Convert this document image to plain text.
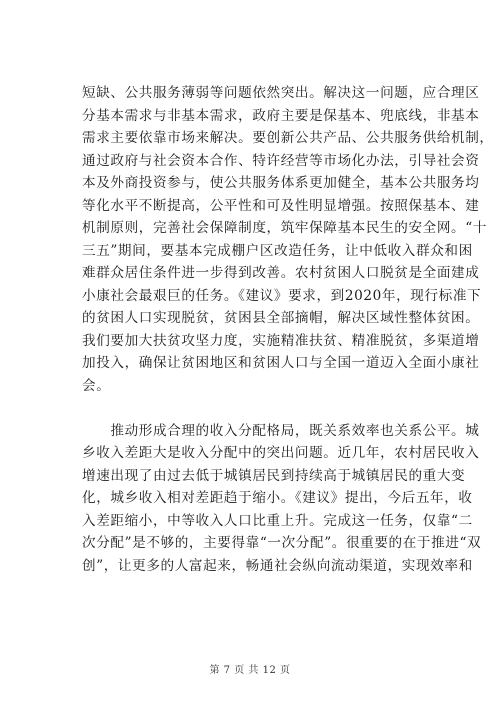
短缺、公共服务薄弱等问题依然突出。解决这一问题，应合理区
分基本需求与非基本需求，政府主要是保基本、兜底线，非基本
需求主要依靠市场来解决。要创新公共产品、公共服务供给机制，
通过政府与社会资本合作、特许经营等市场化办法，引导社会资
本及外商投资参与，使公共服务体系更加健全，基本公共服务均
等化水平不断提高，公平性和可及性明显增强。按照保基本、建
机制原则，完善社会保障制度，筑牢保障基本民生的安全网。“十
三五”期间，要基本完成棚户区改造任务，让中低收入群众和困
难群众居住条件进一步得到改善。农村贫困人口脱贫是全面建成
小康社会最艰巨的任务。《建议》要求，到2020年，现行标准下
的贫困人口实现脱贫，贫困县全部摘帽，解决区域性整体贫困。
我们要加大扶贫攻坚力度，实施精准扶贫、精准脱贫，多渠道增
加投入，确保让贫困地区和贫困人口与全国一道迈入全面小康社
会。
　　推动形成合理的收入分配格局，既关系效率也关系公平。城
乡收入差距大是收入分配中的突出问题。近几年，农村居民收入
增速出现了由过去低于城镇居民到持续高于城镇居民的重大变
化，城乡收入相对差距趋于缩小。《建议》提出，今后五年，收
入差距缩小，中等收入人口比重上升。完成这一任务，仅靠“二
次分配”是不够的，主要得靠“一次分配”。很重要的在于推进“双
创”，让更多的人富起来，畅通社会纵向流动渠道，实现效率和
第 7 页 共 12 页
